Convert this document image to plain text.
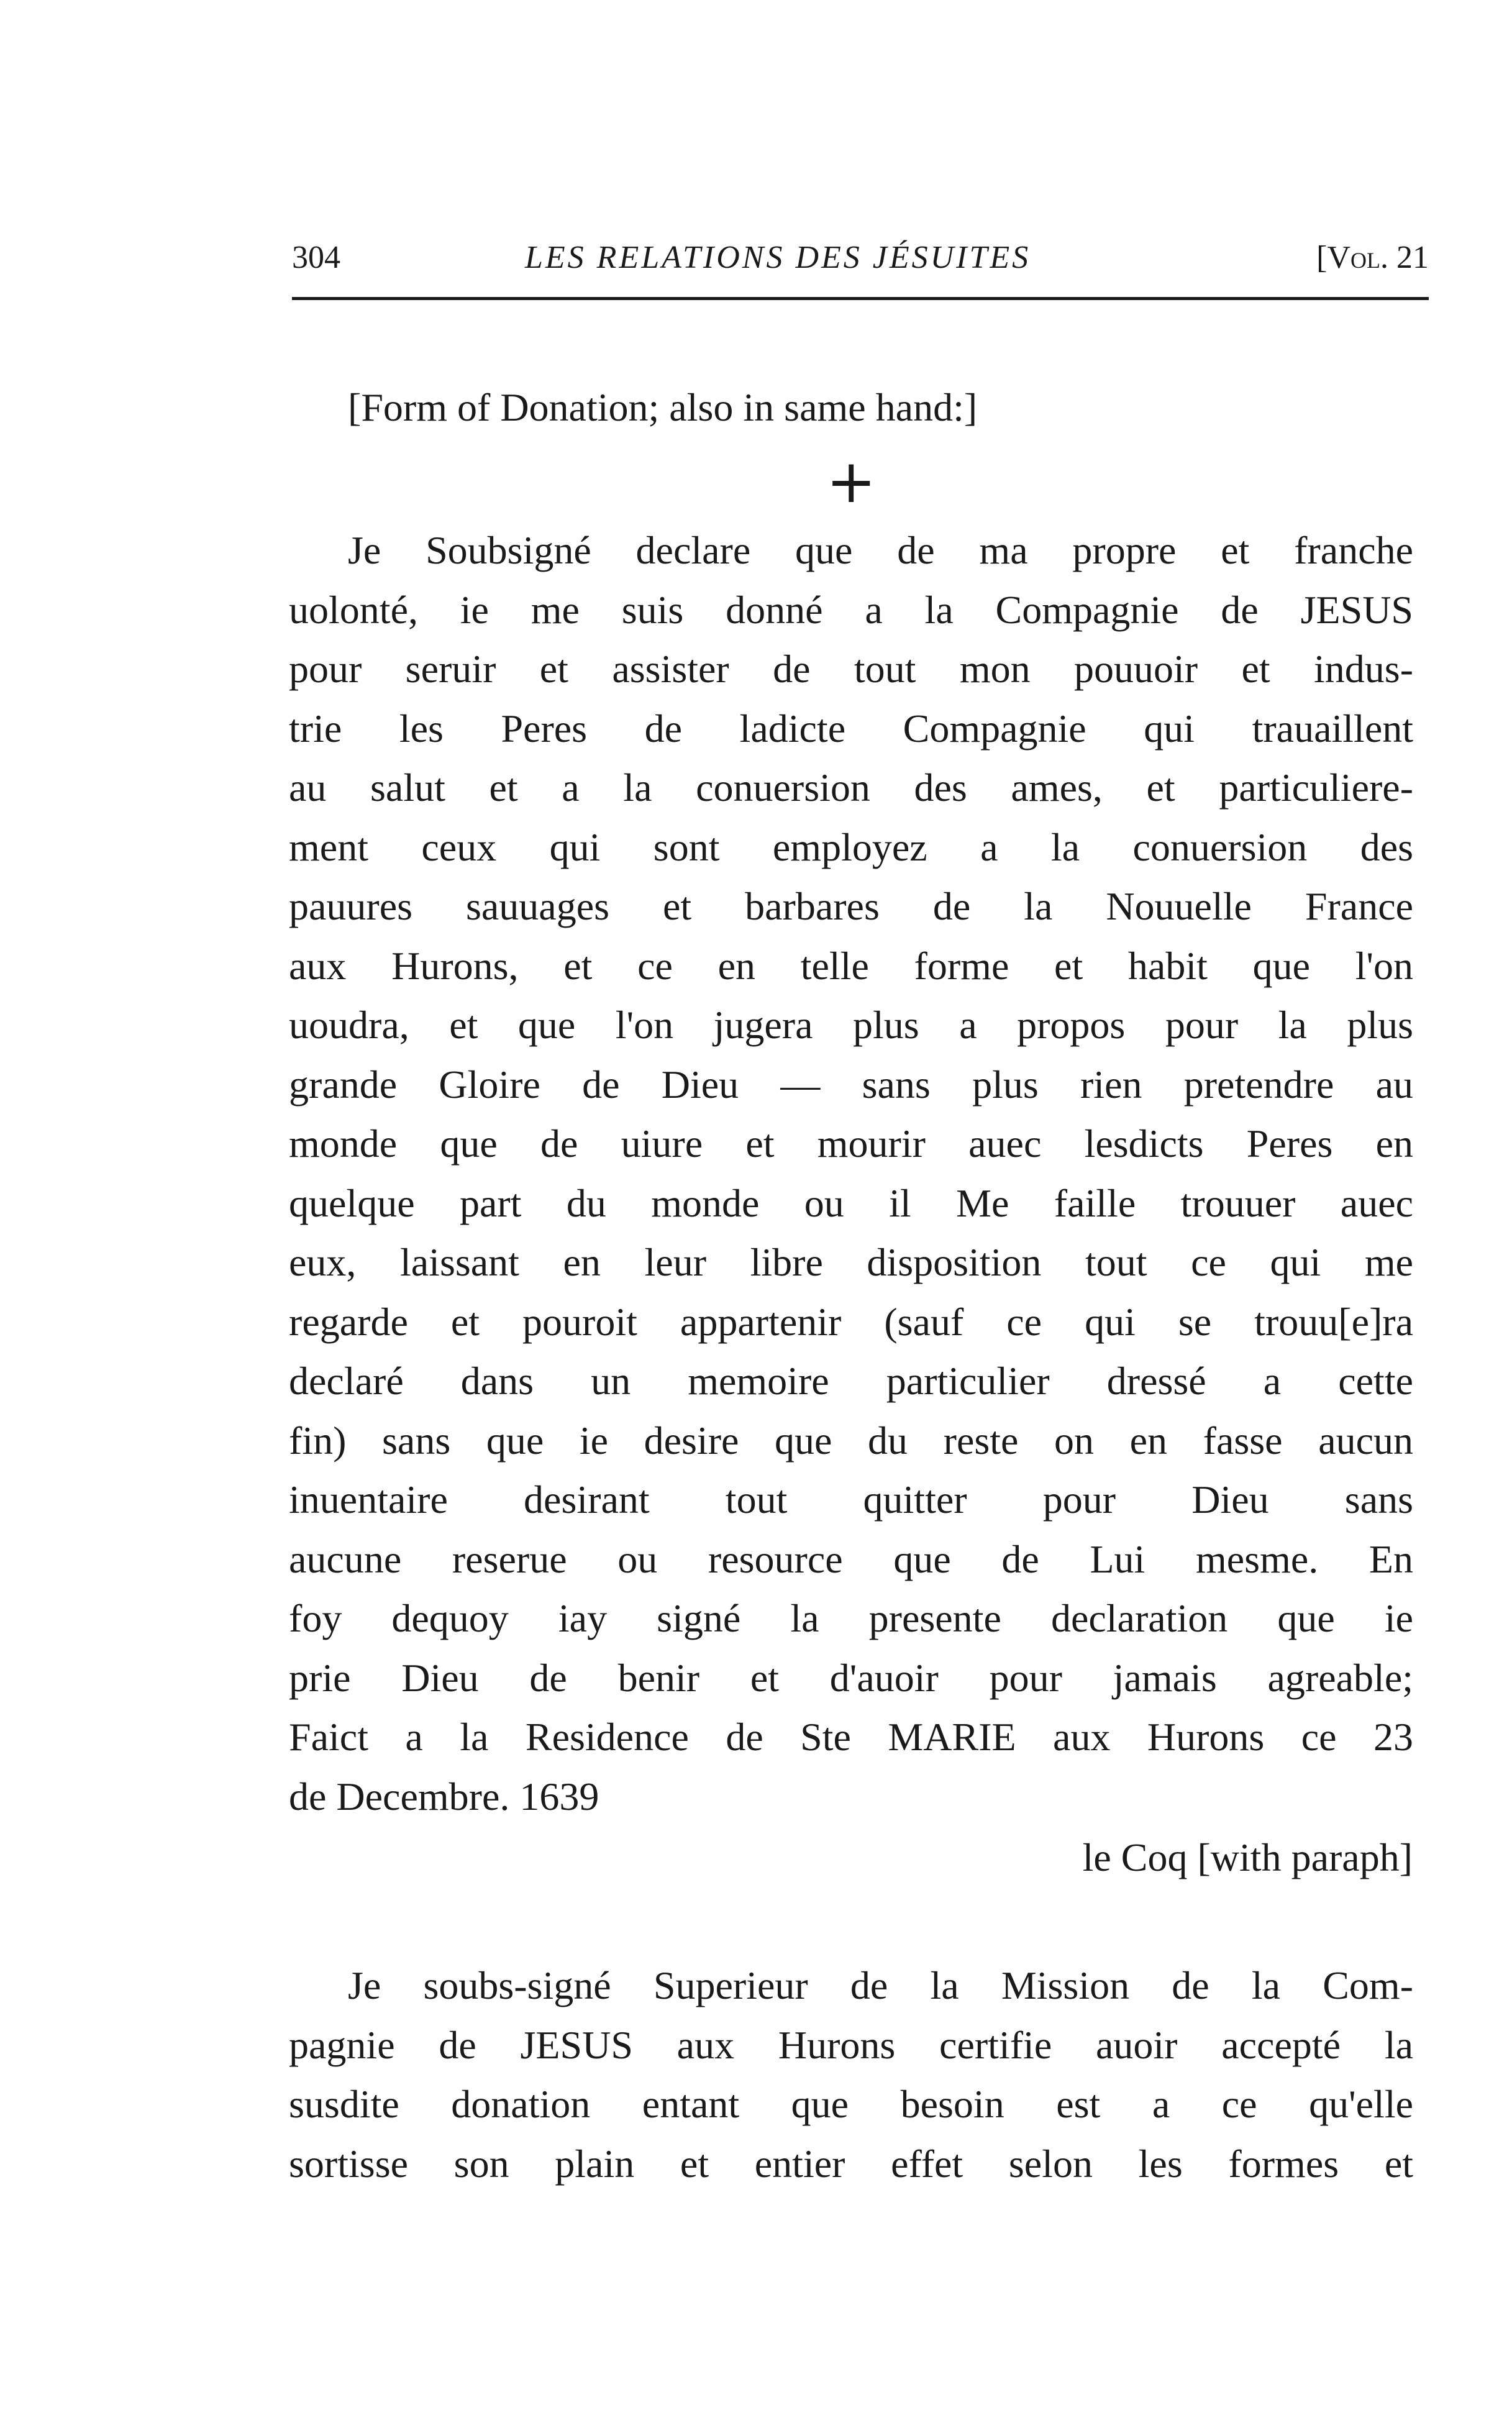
304	LES RELATIONS DES JÉSUITES	[Vol. 21
[Form of Donation; also in same hand:]
+
Je Soubsigné declare que de ma propre et franche
uolonté, ie me suis donné a la Compagnie de JESUS
pour seruir et assister de tout mon pouuoir et indus-
trie les Peres de ladicte Compagnie qui trauaillent
au salut et a la conuersion des ames, et particuliere-
ment ceux qui sont employez a la conuersion des
pauures sauuages et barbares de la Nouuelle France
aux Hurons, et ce en telle forme et habit que l'on
uoudra, et que l'on jugera plus a propos pour la plus
grande Gloire de Dieu — sans plus rien pretendre au
monde que de uiure et mourir auec lesdicts Peres en
quelque part du monde ou il Me faille trouuer auec
eux, laissant en leur libre disposition tout ce qui me
regarde et pouroit appartenir (sauf ce qui se trouu[e]ra
declaré dans un memoire particulier dressé a cette
fin) sans que ie desire que du reste on en fasse aucun
inuentaire desirant tout quitter pour Dieu sans
aucune reserue ou resource que de Lui mesme. En
foy dequoy iay signé la presente declaration que ie
prie Dieu de benir et d'auoir pour jamais agreable;
Faict a la Residence de Ste MARIE aux Hurons ce 23
de Decembre. 1639
le Coq [with paraph]
Je soubs-signé Superieur de la Mission de la Com-
pagnie de JESUS aux Hurons certifie auoir accepté la
susdite donation entant que besoin est a ce qu'elle
sortisse son plain et entier effet selon les formes et
